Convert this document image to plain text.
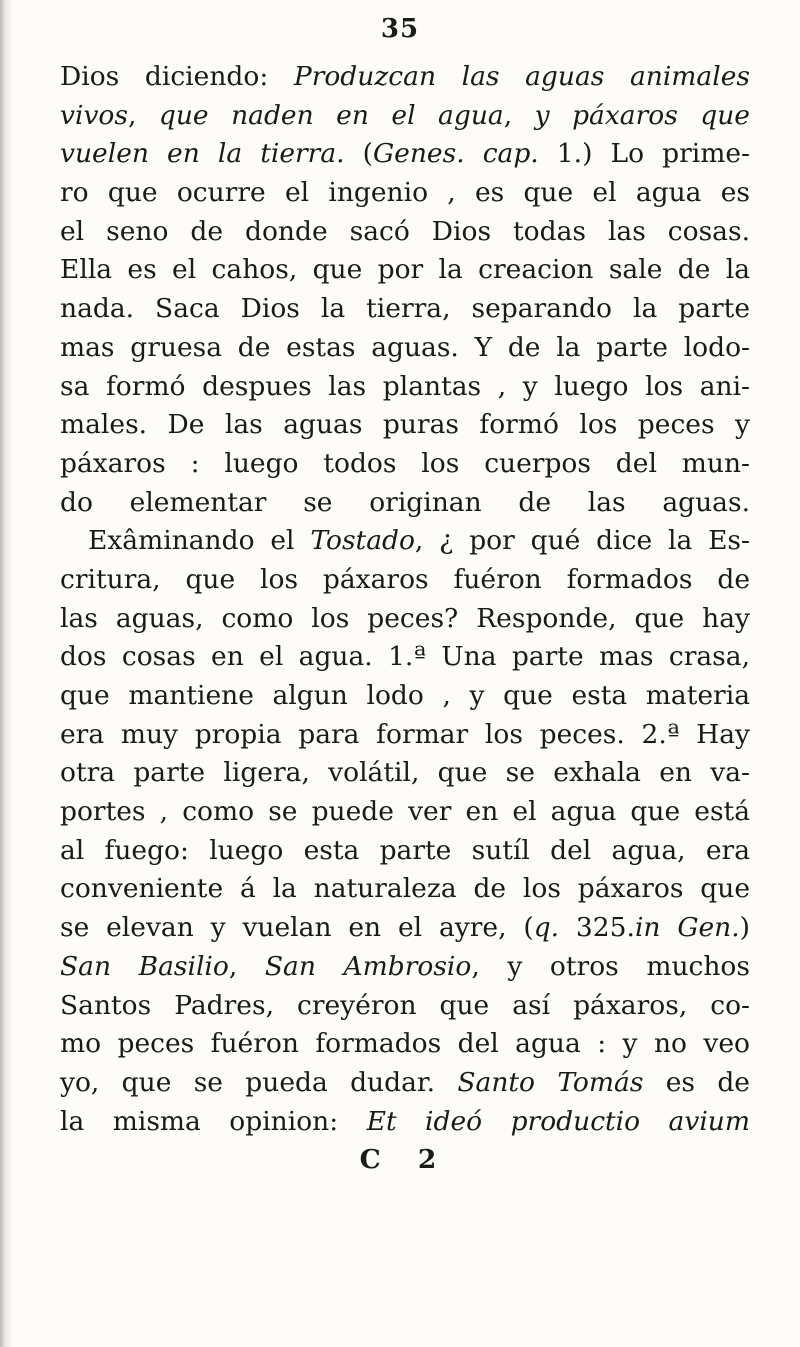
35
Dios diciendo: Produzcan las aguas animales
vivos, que naden en el agua, y páxaros que
vuelen en la tierra. (Genes. cap. 1.) Lo prime-
ro que ocurre el ingenio , es que el agua es
el seno de donde sacó Dios todas las cosas.
Ella es el cahos, que por la creacion sale de la
nada. Saca Dios la tierra, separando la parte
mas gruesa de estas aguas. Y de la parte lodo-
sa formó despues las plantas , y luego los ani-
males. De las aguas puras formó los peces y
páxaros : luego todos los cuerpos del mun-
do elementar se originan de las aguas.
Exâminando el Tostado, ¿ por qué dice la Es-
critura, que los páxaros fuéron formados de
las aguas, como los peces? Responde, que hay
dos cosas en el agua. 1.ª Una parte mas crasa,
que mantiene algun lodo , y que esta materia
era muy propia para formar los peces. 2.ª Hay
otra parte ligera, volátil, que se exhala en va-
portes , como se puede ver en el agua que está
al fuego: luego esta parte sutíl del agua, era
conveniente á la naturaleza de los páxaros que
se elevan y vuelan en el ayre, (q. 325.in Gen.)
San Basilio, San Ambrosio, y otros muchos
Santos Padres, creyéron que así páxaros, co-
mo peces fuéron formados del agua : y no veo
yo, que se pueda dudar. Santo Tomás es de
la misma opinion: Et ideó productio avium
C 2
